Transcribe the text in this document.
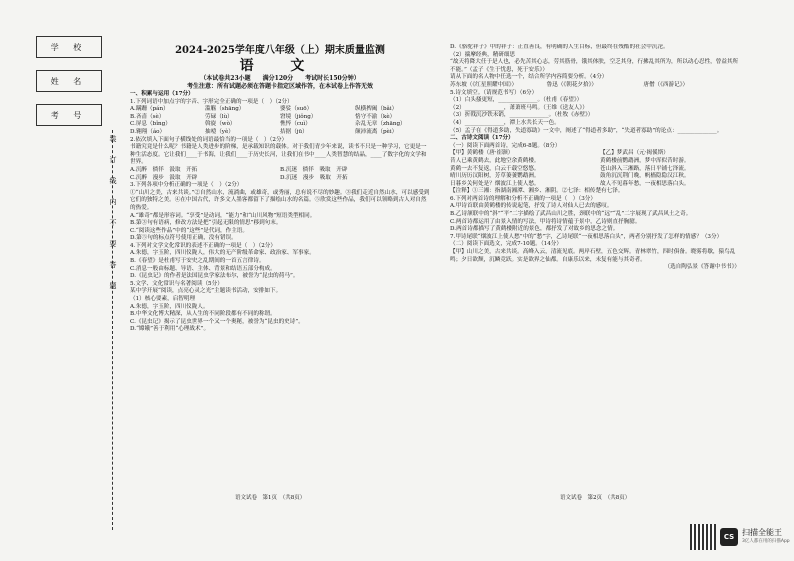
学 校
姓 名
考 号
装订线内不要答题
2024-2025学年度八年级（上）期末质量监测
语 文
（本试卷共23小题　　满分120分　　考试时长150分钟）
考生注意：所有试题必须在答题卡指定区域作答，在本试卷上作答无效
一、积累与运用（17分）
1.下列词语中加点字的字音、字形完全正确的一项是（　）（2分）
A.蹒跚（pán）	滥觞（shāng）	婆娑（suō）	纵横捭阖（bǎi）
B.吝啬（sè）	劳碌（lù）	窘境（jiǒng）	恪守不渝（kè）
C.屏息（bǐng）	斡旋（wò）	憔悴（cuì）	杂乱无章（zhāng）
D.翱翔（áo）	抽噎（yè）	拮据（jū）	颠沛流离（pèi）
2.依次填入下面句子横线处的词语最恰当的一项是（　）（2分）
书籍究竟是什么呢？书籍是人类进步的阶梯，是承载知识的载体。对于我们青少年来说，读书不只是一种学习，它更是一种生活态度。它让我们____于书海，让我们____于历史长河，让我们在书中____人类智慧的结晶，____了数字化的文学和世界。
A.沉醉　徜徉　汲取　开拓	B.沉迷　徜徉　吸取　开辟
C.沉醉　漫步　汲取　开辟	D.沉迷　漫步　吸取　开拓
3.下列各项中分析正确的一项是（　）（2分）
①“山川之美，古来共谈。”②自然山水，流淌曲，或雄奇，或秀丽，总有说不尽的妙趣。③我们走近自然山水，可以感受到它们的独特之美。④在中国古代，许多文人墨客都留下了描绘山水的名篇。⑤欣赏这些作品，我们可以领略到古人对自然的热爱。
A.“雄奇”都是形容词。“享受”是动词，“能力”和“山川风物”短语类型相同。
B.第③句有语病，修改方法是把“引起无限的情思”移到句末。
C.“阅读这些作品”中的“这些”是代词，作主语。
D.第⑤句的标点符号使用正确，没有错误。
4.下列对文学文化常识的表述不正确的一项是（　）（2分）
A.朱德，字玉阶，四川仪陇人，伟大的无产阶级革命家、政治家、军事家。
B.《春望》是杜甫写于安史之乱期间的一首五言律诗。
C.消息一般由标题、导语、主体、背景和结语五部分构成。
D.《昆虫记》的作者是法国昆虫学家法布尔，被誉为“昆虫的荷马”。
5.文学、文化常识与名著阅读（5分）
某中学开展“阅读，点亮心灵之光”主题读书活动，安排如下。
（1）核心要素，启智明理
A.朱德，字玉阶，四川仪陇人。
B.中华文化博大精深，从人生的不同阶段都有不同的称谓。
C.《昆虫记》揭示了昆虫世界一个又一个奥秘，被誉为“昆虫的史诗”。
D.“嫦娥”善于利用“心理战术”。
语文试卷　第1页　（共8页）
D.《骆驼祥子》中的祥子：正直善良，有明确的人生目标，但最终在残酷的社会中沉沦。
（2）揣摩经典，精研细思
“故天将降大任于是人也，必先苦其心志，劳其筋骨，饿其体肤，空乏其身，行拂乱其所为，所以动心忍性，曾益其所不能。”（孟子《生于忧患，死于安乐》）
请从下面的名人物中任选一个，结合所学内容简要分析。（4分）
苏东坡（《红星照耀中国》）	鲁迅（《朝花夕拾》）	唐僧（《西游记》）
5.诗文填空。（请规范书写）（6分）
（1）白头搔更短，______________。（杜甫《春望》）
（2）______________，萧萧班马鸣。（王维《送友人》）
（3）折戟沉沙铁未销，______________。（杜牧《赤壁》）
（4）______________，潭上水共长天一色。
（5）孟子在《得道多助，失道寡助》一文中，阐述了“得道者多助”，“失道者寡助”的论点：______________。
二、古诗文阅读（17分）
（一）阅读下面两首诗，完成6-8题。（8分）
【甲】黄鹤楼（唐·崔颢）
昔人已乘黄鹤去，此地空余黄鹤楼。
黄鹤一去不复返，白云千载空悠悠。
晴川历历汉阳树，芳草萋萋鹦鹉洲。
日暮乡关何处是？烟波江上使人愁。
【乙】梦武昌（元·揭傒斯）
黄鹤楼前鹦鹉洲，梦中浑似昔时游。
苍山斜入三湘路，落日平铺七泽流。
鼓角沉沉荆门晚，帆樯隐隐汉江秋。
故人不见暮年愁，一夜相思落白头。
【注释】①三湘：指湖南湘潭、湘乡、湘阴。②七泽：相传楚有七泽。
6.下列对两首诗的理解和分析不正确的一项是（　）（3分）
A.甲诗首联由黄鹤楼的传说起笔，抒发了诗人对仙人已去的感叹。
B.乙诗颔联中的“斜”“平”二字描绘了武昌山川之胜，颈联中的“远”“乱”二字展现了武昌风土之奇。
C.两首诗都运用了由景入情的写法，甲诗将诗情蕴于景中，乙诗则直抒胸臆。
D.两首诗都描写了黄鹤楼附近的景色，都抒发了对故乡的思念之情。
7.甲诗尾联“烟波江上使人愁”中的“愁”字，乙诗尾联“一夜相思落白头”，两者分别抒发了怎样的情感？（3分）
（二）阅读下面选文，完成7-10题。（14分）
【甲】山川之美，古来共谈。高峰入云，清流见底。两岸石壁，五色交辉。青林翠竹，四时俱备。晓雾将歇，猿鸟乱鸣；夕日欲颓，沉鳞竞跃。实是欲界之仙都。自康乐以来，未复有能与其奇者。
（选自陶弘景《答谢中书书》）
语文试卷　第2页　（共8页）
CS 扫描全能王
3亿人都在用的扫描App
